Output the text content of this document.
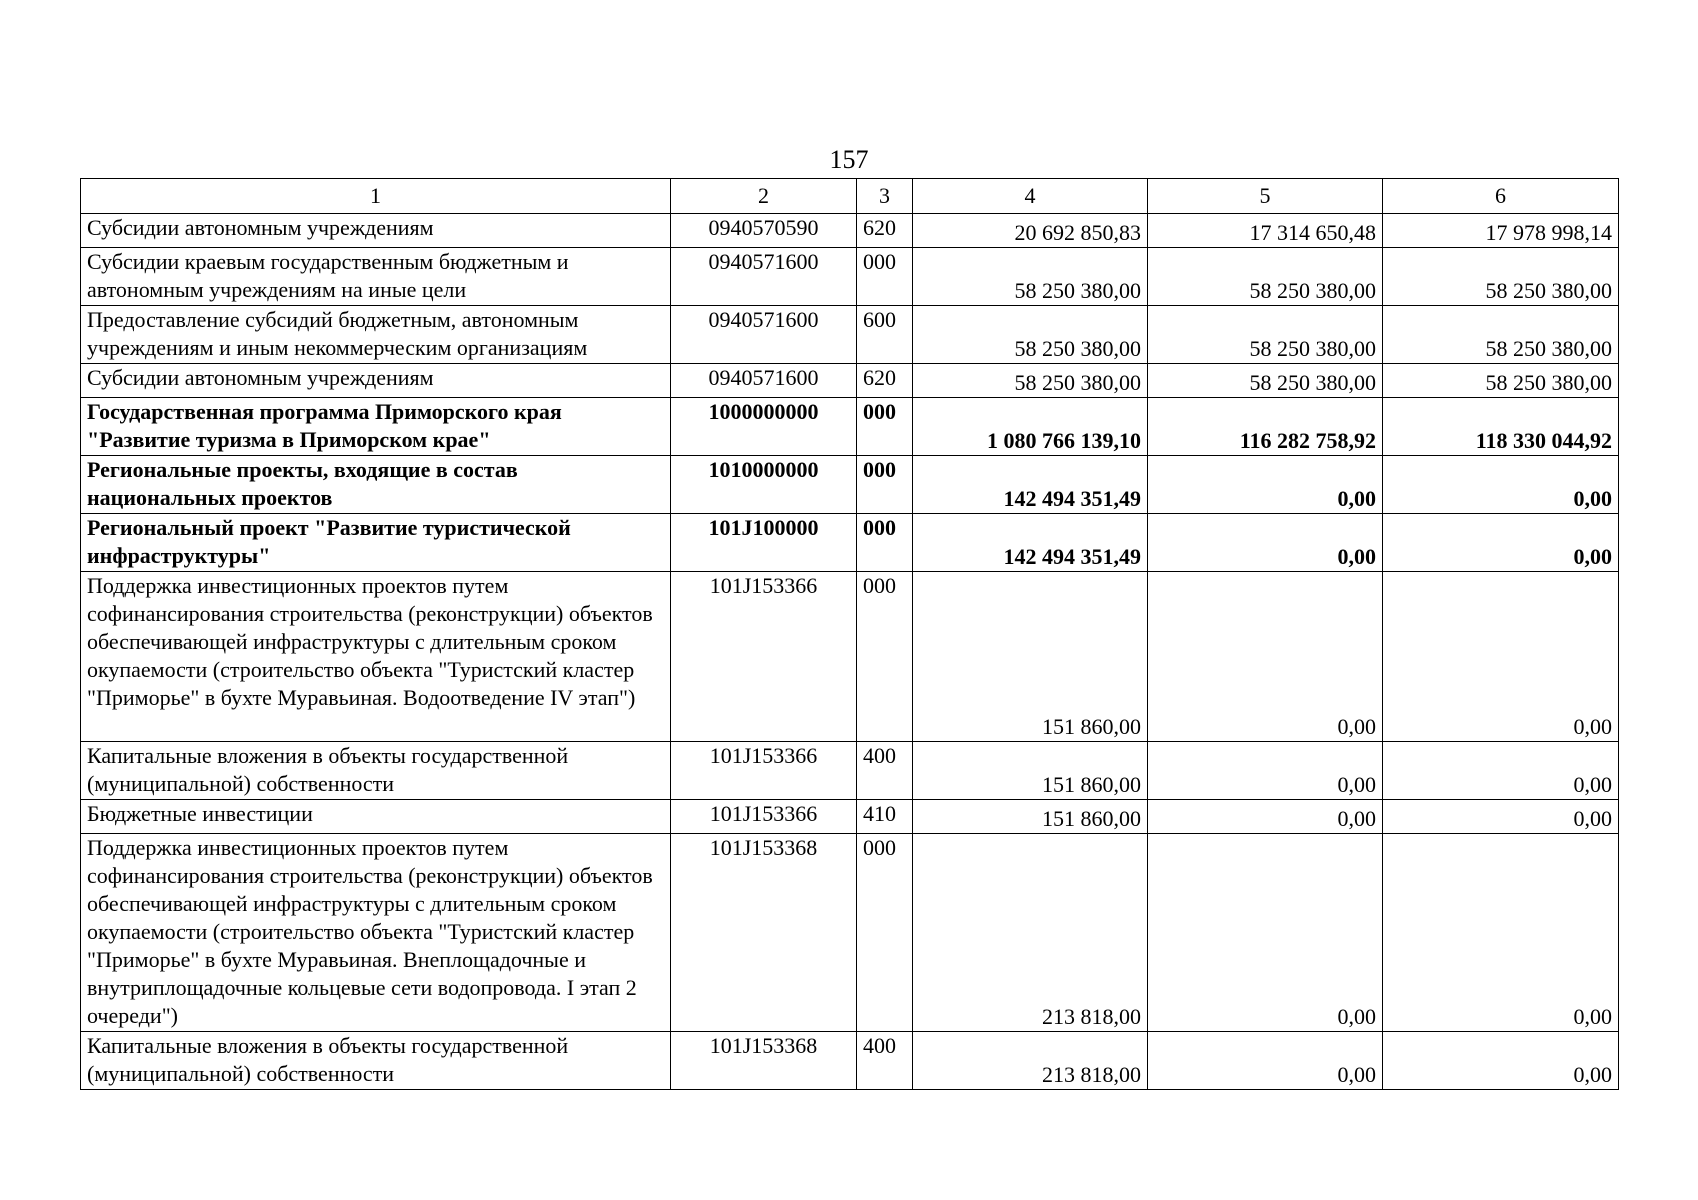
157
1	2	3	4	5	6
Субсидии автономным учреждениям	0940570590	620	20 692 850,83	17 314 650,48	17 978 998,14
Субсидии краевым государственным бюджетным и автономным учреждениям на иные цели	0940571600	000	58 250 380,00	58 250 380,00	58 250 380,00
Предоставление субсидий бюджетным, автономным учреждениям и иным некоммерческим организациям	0940571600	600	58 250 380,00	58 250 380,00	58 250 380,00
Субсидии автономным учреждениям	0940571600	620	58 250 380,00	58 250 380,00	58 250 380,00
Государственная программа Приморского края "Развитие туризма в Приморском крае"	1000000000	000	1 080 766 139,10	116 282 758,92	118 330 044,92
Региональные проекты, входящие в состав национальных проектов	1010000000	000	142 494 351,49	0,00	0,00
Региональный проект "Развитие туристической инфраструктуры"	101J100000	000	142 494 351,49	0,00	0,00
Поддержка инвестиционных проектов путем софинансирования строительства (реконструкции) объектов обеспечивающей инфраструктуры с длительным сроком окупаемости (строительство объекта "Туристский кластер "Приморье" в бухте Муравьиная. Водоотведение IV этап")	101J153366	000	151 860,00	0,00	0,00
Капитальные вложения в объекты государственной (муниципальной) собственности	101J153366	400	151 860,00	0,00	0,00
Бюджетные инвестиции	101J153366	410	151 860,00	0,00	0,00
Поддержка инвестиционных проектов путем софинансирования строительства (реконструкции) объектов обеспечивающей инфраструктуры с длительным сроком окупаемости (строительство объекта "Туристский кластер "Приморье" в бухте Муравьиная. Внеплощадочные и внутриплощадочные кольцевые сети водопровода. I этап 2 очереди")	101J153368	000	213 818,00	0,00	0,00
Капитальные вложения в объекты государственной (муниципальной) собственности	101J153368	400	213 818,00	0,00	0,00
